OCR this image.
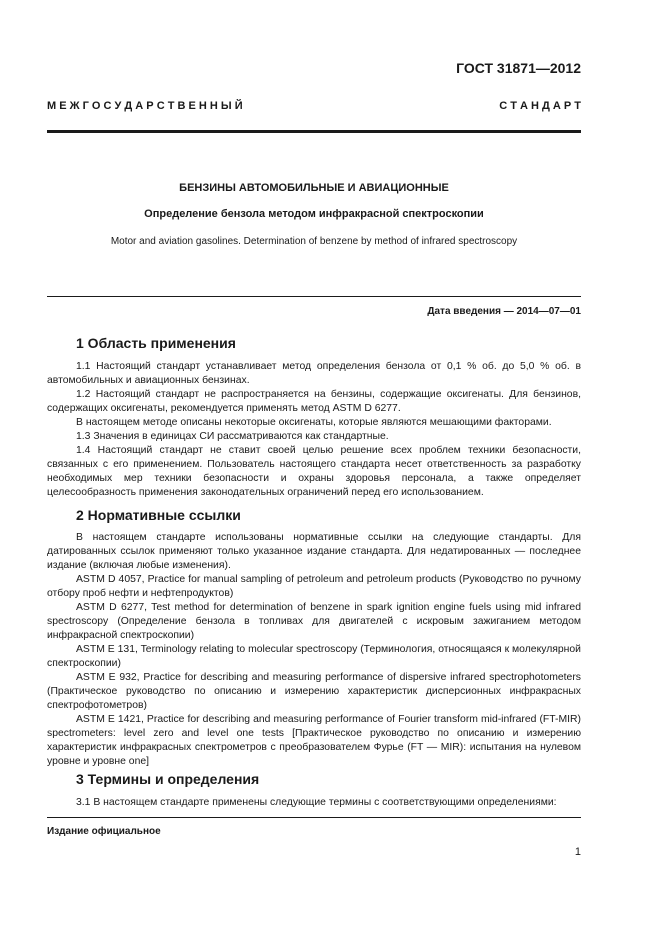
ГОСТ 31871—2012
М Е Ж Г О С У Д А Р С Т В Е Н Н Ы Й	С Т А Н Д А Р Т
БЕНЗИНЫ АВТОМОБИЛЬНЫЕ И АВИАЦИОННЫЕ
Определение бензола методом инфракрасной спектроскопии
Motor and aviation gasolines. Determination of benzene by method of infrared spectroscopy
Дата введения — 2014—07—01
1 Область применения

1.1 Настоящий стандарт устанавливает метод определения бензола от 0,1 % об. до 5,0 % об. в автомобильных и авиационных бензинах.

1.2 Настоящий стандарт не распространяется на бензины, содержащие оксигенаты. Для бензинов, содержащих оксигенаты, рекомендуется применять метод ASTM D 6277.

В настоящем методе описаны некоторые оксигенаты, которые являются мешающими факторами.

1.3 Значения в единицах СИ рассматриваются как стандартные.

1.4 Настоящий стандарт не ставит своей целью решение всех проблем техники безопасности, связанных с его применением. Пользователь настоящего стандарта несет ответственность за разработку необходимых мер техники безопасности и охраны здоровья персонала, а также определяет целесообразность применения законодательных ограничений перед его использованием.

2 Нормативные ссылки

В настоящем стандарте использованы нормативные ссылки на следующие стандарты. Для датированных ссылок применяют только указанное издание стандарта. Для недатированных — последнее издание (включая любые изменения).

ASTM D 4057, Practice for manual sampling of petroleum and petroleum products (Руководство по ручному отбору проб нефти и нефтепродуктов)

ASTM D 6277, Test method for determination of benzene in spark ignition engine fuels using mid infrared spectroscopy (Определение бензола в топливах для двигателей с искровым зажиганием методом инфракрасной спектроскопии)

ASTM E 131, Terminology relating to molecular spectroscopy (Терминология, относящаяся к молекулярной спектроскопии)

ASTM E 932, Practice for describing and measuring performance of dispersive infrared spectrophotometers (Практическое руководство по описанию и измерению характеристик дисперсионных инфракрасных спектрофотометров)

ASTM E 1421, Practice for describing and measuring performance of Fourier transform mid-infrared (FT-MIR) spectrometers: level zero and level one tests [Практическое руководство по описанию и измерению характеристик инфракрасных спектрометров с преобразователем Фурье (FT — MIR): испытания на нулевом уровне и уровне one]

3 Термины и определения

3.1 В настоящем стандарте применены следующие термины с соответствующими определениями:

Издание официальное
1
